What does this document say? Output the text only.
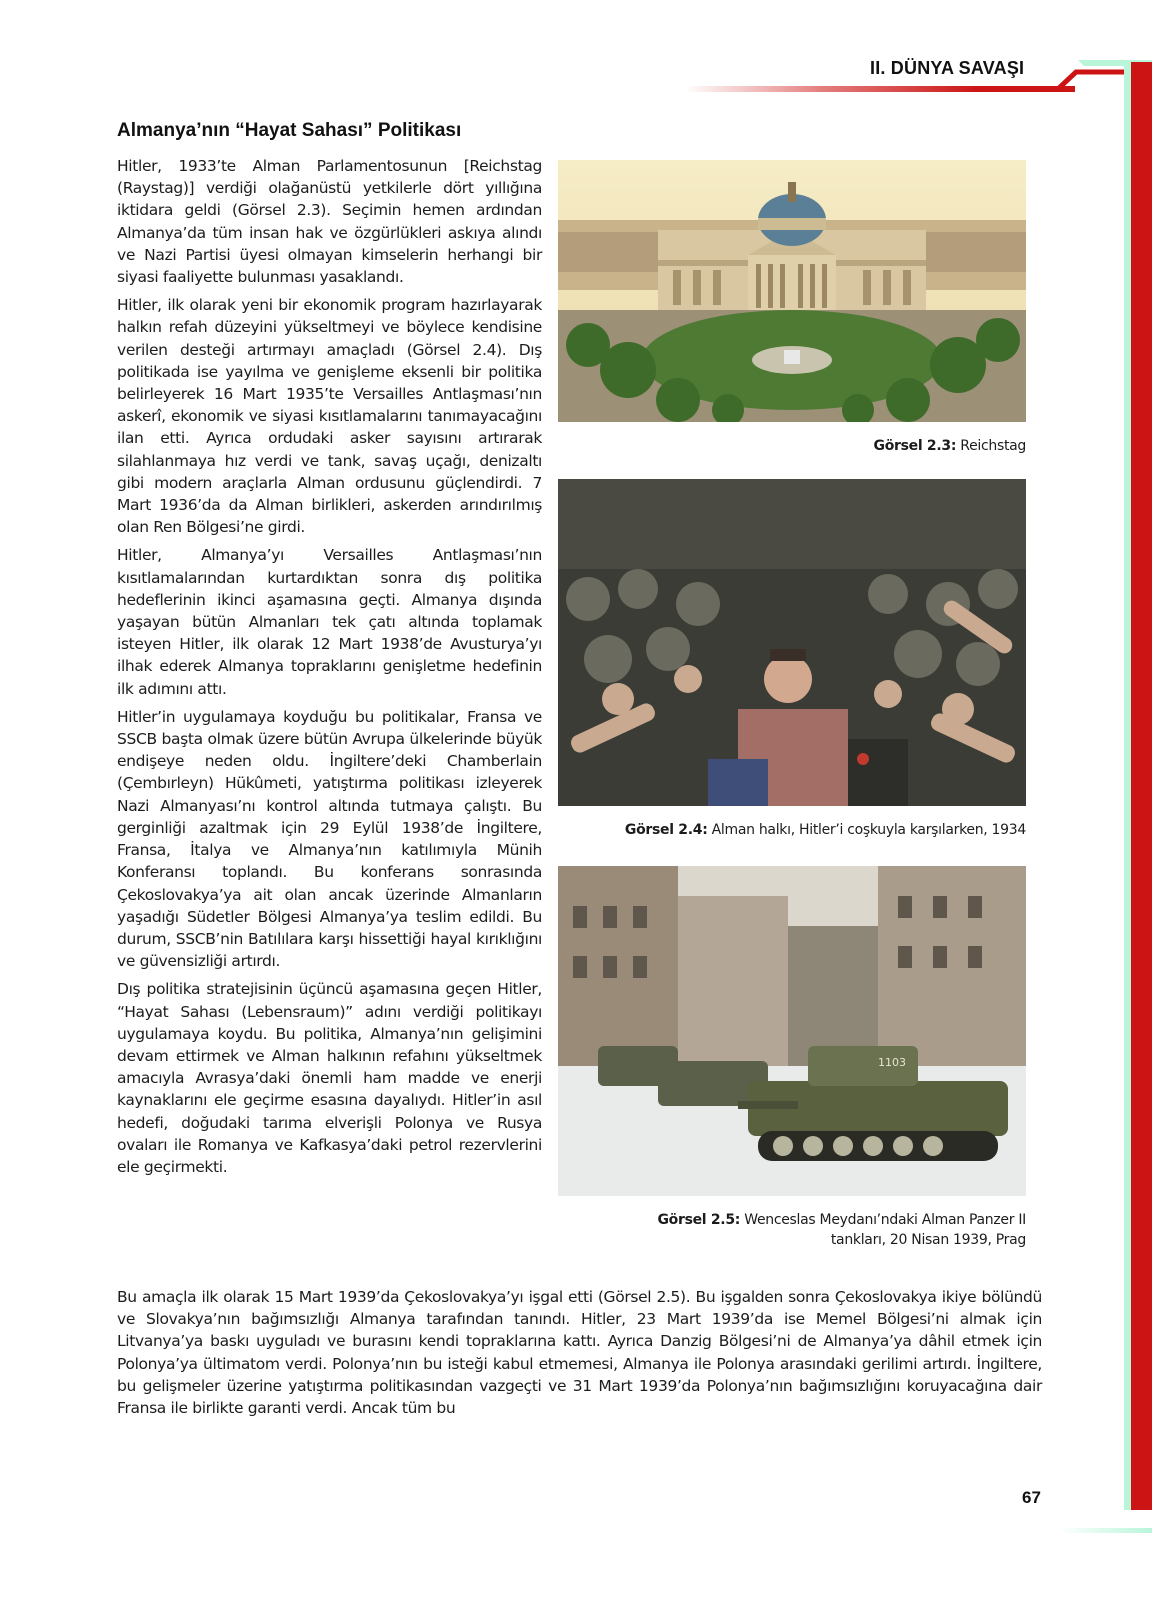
II. DÜNYA SAVAŞI
Almanya’nın “Hayat Sahası” Politikası

Hitler, 1933’te Alman Parlamentosunun [Reichstag (Raystag)] verdiği olağanüstü yetkilerle dört yıllığına iktidara geldi (Görsel 2.3). Seçimin hemen ardından Almanya’da tüm insan hak ve özgürlükleri askıya alındı ve Nazi Partisi üyesi olmayan kimselerin herhangi bir siyasi faaliyette bulunması yasaklandı.

Hitler, ilk olarak yeni bir ekonomik program hazırlayarak halkın refah düzeyini yükseltmeyi ve böylece kendisine verilen desteği artırmayı amaçladı (Görsel 2.4). Dış politikada ise yayılma ve genişleme eksenli bir politika belirleyerek 16 Mart 1935’te Versailles Antlaşması’nın askerî, ekonomik ve siyasi kısıtlamalarını tanımayacağını ilan etti. Ayrıca ordudaki asker sayısını artırarak silahlanmaya hız verdi ve tank, savaş uçağı, denizaltı gibi modern araçlarla Alman ordusunu güçlendirdi. 7 Mart 1936’da da Alman birlikleri, askerden arındırılmış olan Ren Bölgesi’ne girdi.

Hitler, Almanya’yı Versailles Antlaşması’nın kısıtlamalarından kurtardıktan sonra dış politika hedeflerinin ikinci aşamasına geçti. Almanya dışında yaşayan bütün Almanları tek çatı altında toplamak isteyen Hitler, ilk olarak 12 Mart 1938’de Avusturya’yı ilhak ederek Almanya topraklarını genişletme hedefinin ilk adımını attı.

Hitler’in uygulamaya koyduğu bu politikalar, Fransa ve SSCB başta olmak üzere bütün Avrupa ülkelerinde büyük endişeye neden oldu. İngiltere’deki Chamberlain (Çembırleyn) Hükûmeti, yatıştırma politikası izleyerek Nazi Almanyası’nı kontrol altında tutmaya çalıştı. Bu gerginliği azaltmak için 29 Eylül 1938’de İngiltere, Fransa, İtalya ve Almanya’nın katılımıyla Münih Konferansı toplandı. Bu konferans sonrasında Çekoslovakya’ya ait olan ancak üzerinde Almanların yaşadığı Südetler Bölgesi Almanya’ya teslim edildi. Bu durum, SSCB’nin Batılılara karşı hissettiği hayal kırıklığını ve güvensizliği artırdı.

Dış politika stratejisinin üçüncü aşamasına geçen Hitler, “Hayat Sahası (Lebensraum)” adını verdiği politikayı uygulamaya koydu. Bu politika, Almanya’nın gelişimini devam ettirmek ve Alman halkının refahını yükseltmek amacıyla Avrasya’daki önemli ham madde ve enerji kaynaklarını ele geçirme esasına dayalıydı. Hitler’in asıl hedefi, doğudaki tarıma elverişli Polonya ve Rusya ovaları ile Romanya ve Kafkasya’daki petrol rezervlerini ele geçirmekti.

Görsel 2.3: Reichstag
Görsel 2.4: Alman halkı, Hitler’i coşkuyla karşılarken, 1934
1103
Görsel 2.5: Wenceslas Meydanı’ndaki Alman Panzer II
tankları, 20 Nisan 1939, Prag

Bu amaçla ilk olarak 15 Mart 1939’da Çekoslovakya’yı işgal etti (Görsel 2.5). Bu işgalden sonra Çekoslovakya ikiye bölündü ve Slovakya’nın bağımsızlığı Almanya tarafından tanındı. Hitler, 23 Mart 1939’da ise Memel Bölgesi’ni almak için Litvanya’ya baskı uyguladı ve burasını kendi topraklarına kattı. Ayrıca Danzig Bölgesi’ni de Almanya’ya dâhil etmek için Polonya’ya ültimatom verdi. Polonya’nın bu isteği kabul etmemesi, Almanya ile Polonya arasındaki gerilimi artırdı. İngiltere, bu gelişmeler üzerine yatıştırma politikasından vazgeçti ve 31 Mart 1939’da Polonya’nın bağımsızlığını koruyacağına dair Fransa ile birlikte garanti verdi. Ancak tüm bu

67
